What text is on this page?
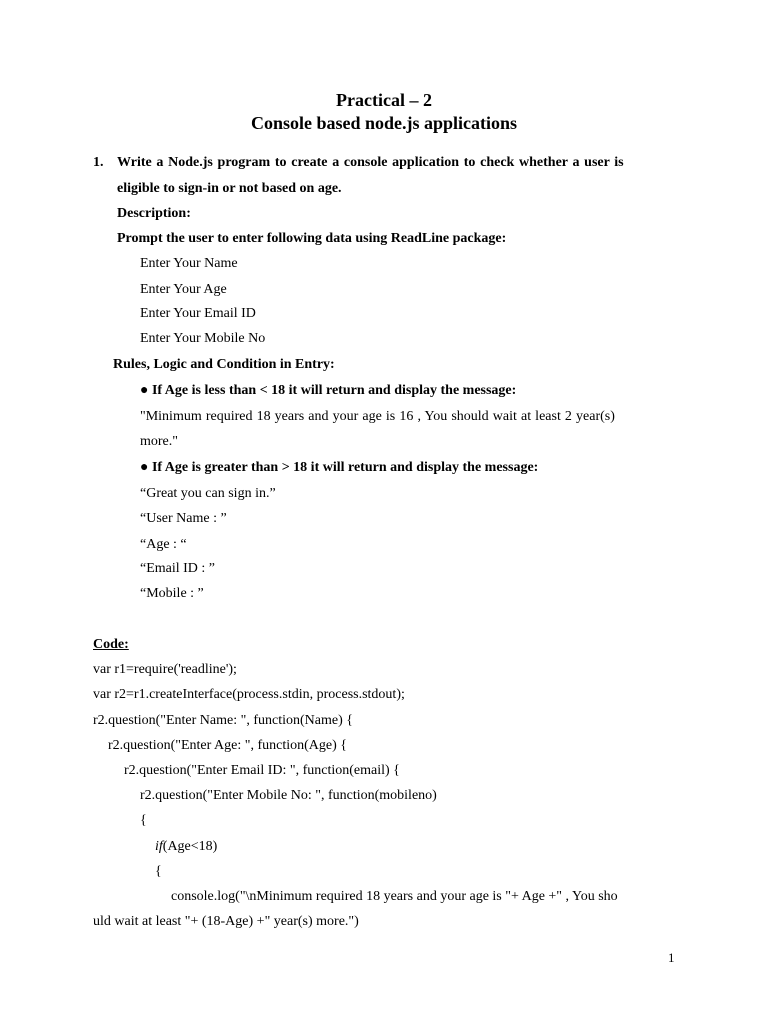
Practical – 2
Console based node.js applications
1. Write a Node.js program to create a console application to check whether a user is
eligible to sign-in or not based on age.
Description:
Prompt the user to enter following data using ReadLine package:
Enter Your Name
Enter Your Age
Enter Your Email ID
Enter Your Mobile No
Rules, Logic and Condition in Entry:
● If Age is less than < 18 it will return and display the message:
"Minimum required 18 years and your age is 16 , You should wait at least 2 year(s)
more."
● If Age is greater than > 18 it will return and display the message:
“Great you can sign in.”
“User Name : ”
“Age : “
“Email ID : ”
“Mobile : ”
Code:
var r1=require('readline');
var r2=r1.createInterface(process.stdin, process.stdout);
r2.question("Enter Name: ", function(Name) {
r2.question("Enter Age: ", function(Age) {
r2.question("Enter Email ID: ", function(email) {
r2.question("Enter Mobile No: ", function(mobileno)
{
if(Age<18)
{
console.log("\nMinimum required 18 years and your age is "+ Age +" , You sho
uld wait at least "+ (18-Age) +" year(s) more.")
1
